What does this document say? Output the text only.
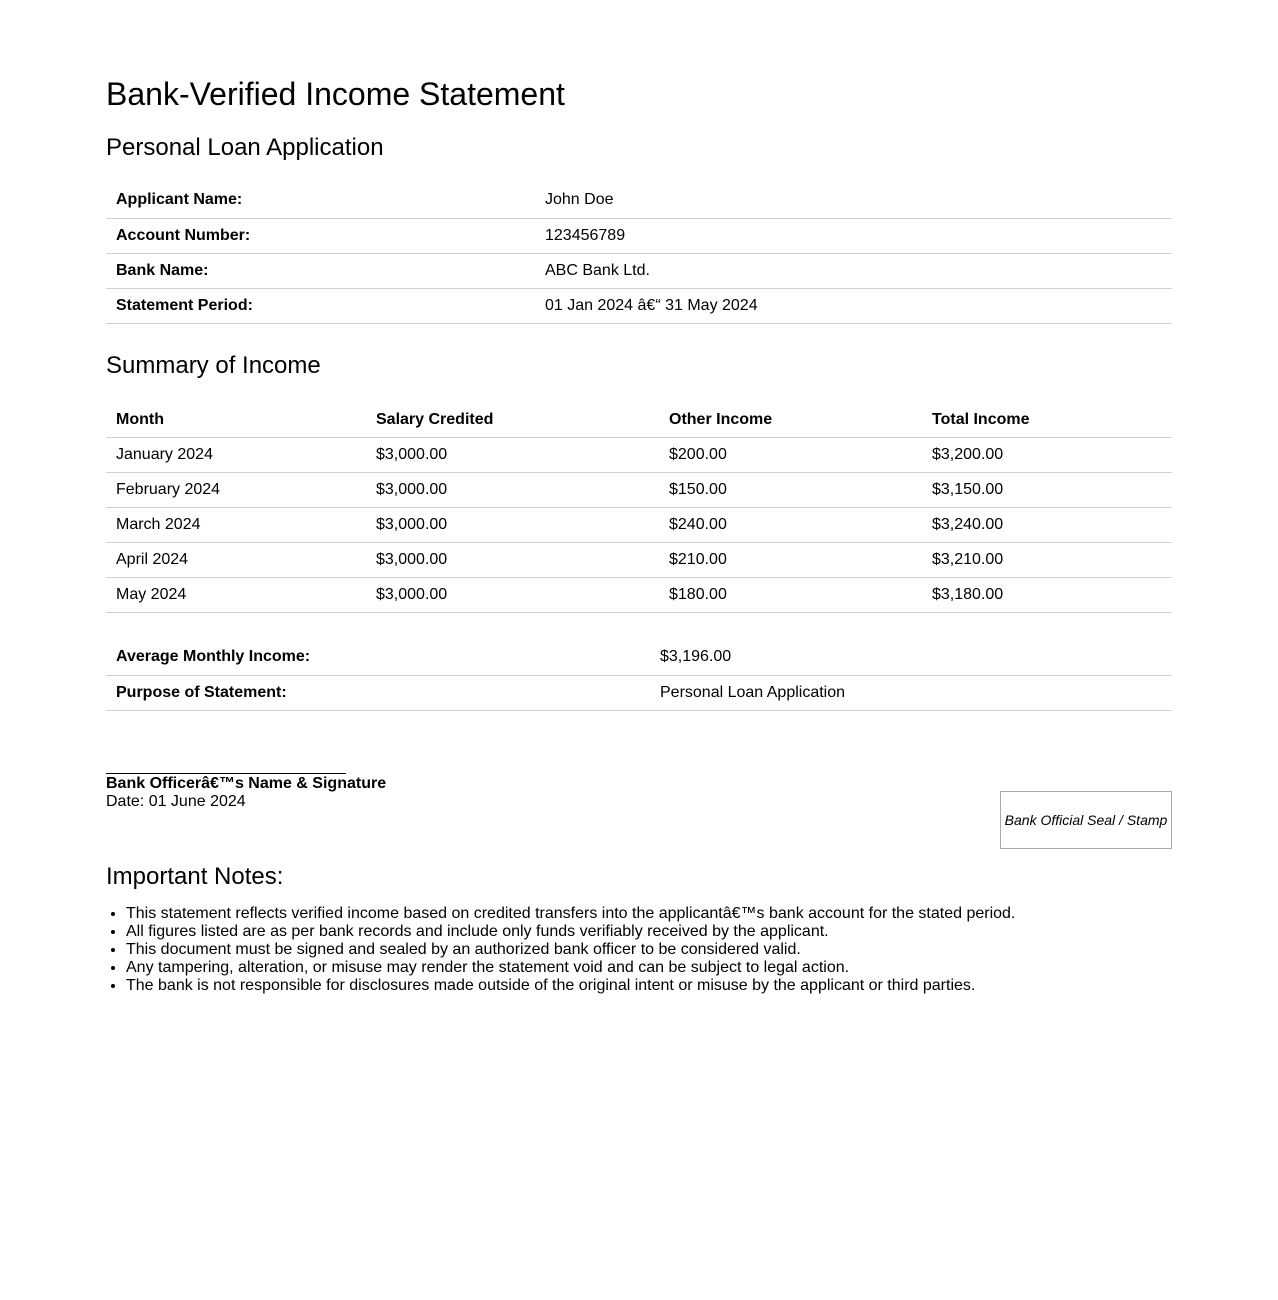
Bank-Verified Income Statement
Personal Loan Application
Applicant Name:	John Doe
Account Number:	123456789
Bank Name:	ABC Bank Ltd.
Statement Period:	01 Jan 2024 â€“ 31 May 2024
Summary of Income
Month	Salary Credited	Other Income	Total Income
January 2024	$3,000.00	$200.00	$3,200.00
February 2024	$3,000.00	$150.00	$3,150.00
March 2024	$3,000.00	$240.00	$3,240.00
April 2024	$3,000.00	$210.00	$3,210.00
May 2024	$3,000.00	$180.00	$3,180.00
Average Monthly Income:	$3,196.00
Purpose of Statement:	Personal Loan Application
Bank Officerâ€™s Name & Signature
Date: 01 June 2024
Bank Official Seal / Stamp
Important Notes:
• This statement reflects verified income based on credited transfers into the applicantâ€™s bank account for the stated period.
• All figures listed are as per bank records and include only funds verifiably received by the applicant.
• This document must be signed and sealed by an authorized bank officer to be considered valid.
• Any tampering, alteration, or misuse may render the statement void and can be subject to legal action.
• The bank is not responsible for disclosures made outside of the original intent or misuse by the applicant or third parties.
